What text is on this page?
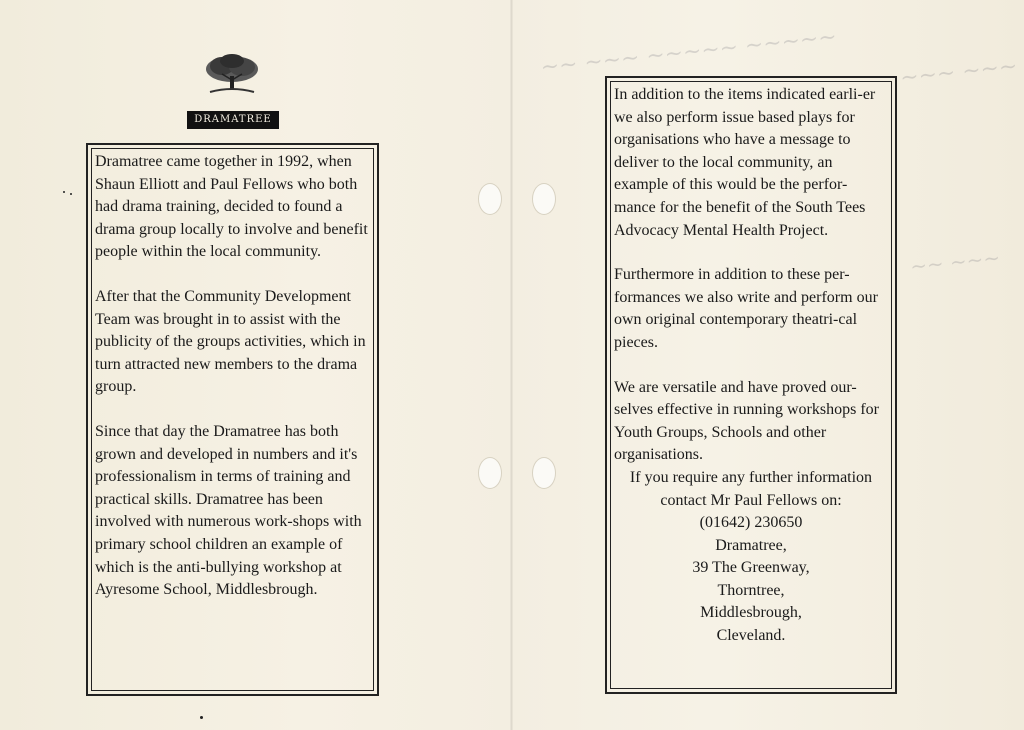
~~ ~~~ ~~~~~ ~~~~~	~~~ ~~~
~~ ~~~
DRAMATREE

Dramatree came together in 1992, when Shaun Elliott and Paul Fellows who both had drama training, decided to found a drama group locally to involve and benefit people within the local community.

After that the Community Development Team was brought in to assist with the publicity of the groups activities, which in turn attracted new members to the drama group.

Since that day the Dramatree has both grown and developed in numbers and it's professionalism in terms of training and practical skills. Dramatree has been involved with numerous work-shops with primary school children an example of which is the anti-bullying workshop at Ayresome School, Middlesbrough.

In addition to the items indicated earli-er we also perform issue based plays for organisations who have a message to deliver to the local community, an example of this would be the perfor-mance for the benefit of the South Tees Advocacy Mental Health Project.

Furthermore in addition to these per-formances we also write and perform our own original contemporary theatri-cal pieces.

We are versatile and have proved our-selves effective in running workshops for Youth Groups, Schools and other organisations.

If you require any further information

contact Mr Paul Fellows on:

(01642) 230650

Dramatree,

39 The Greenway,

Thorntree,

Middlesbrough,

Cleveland.
